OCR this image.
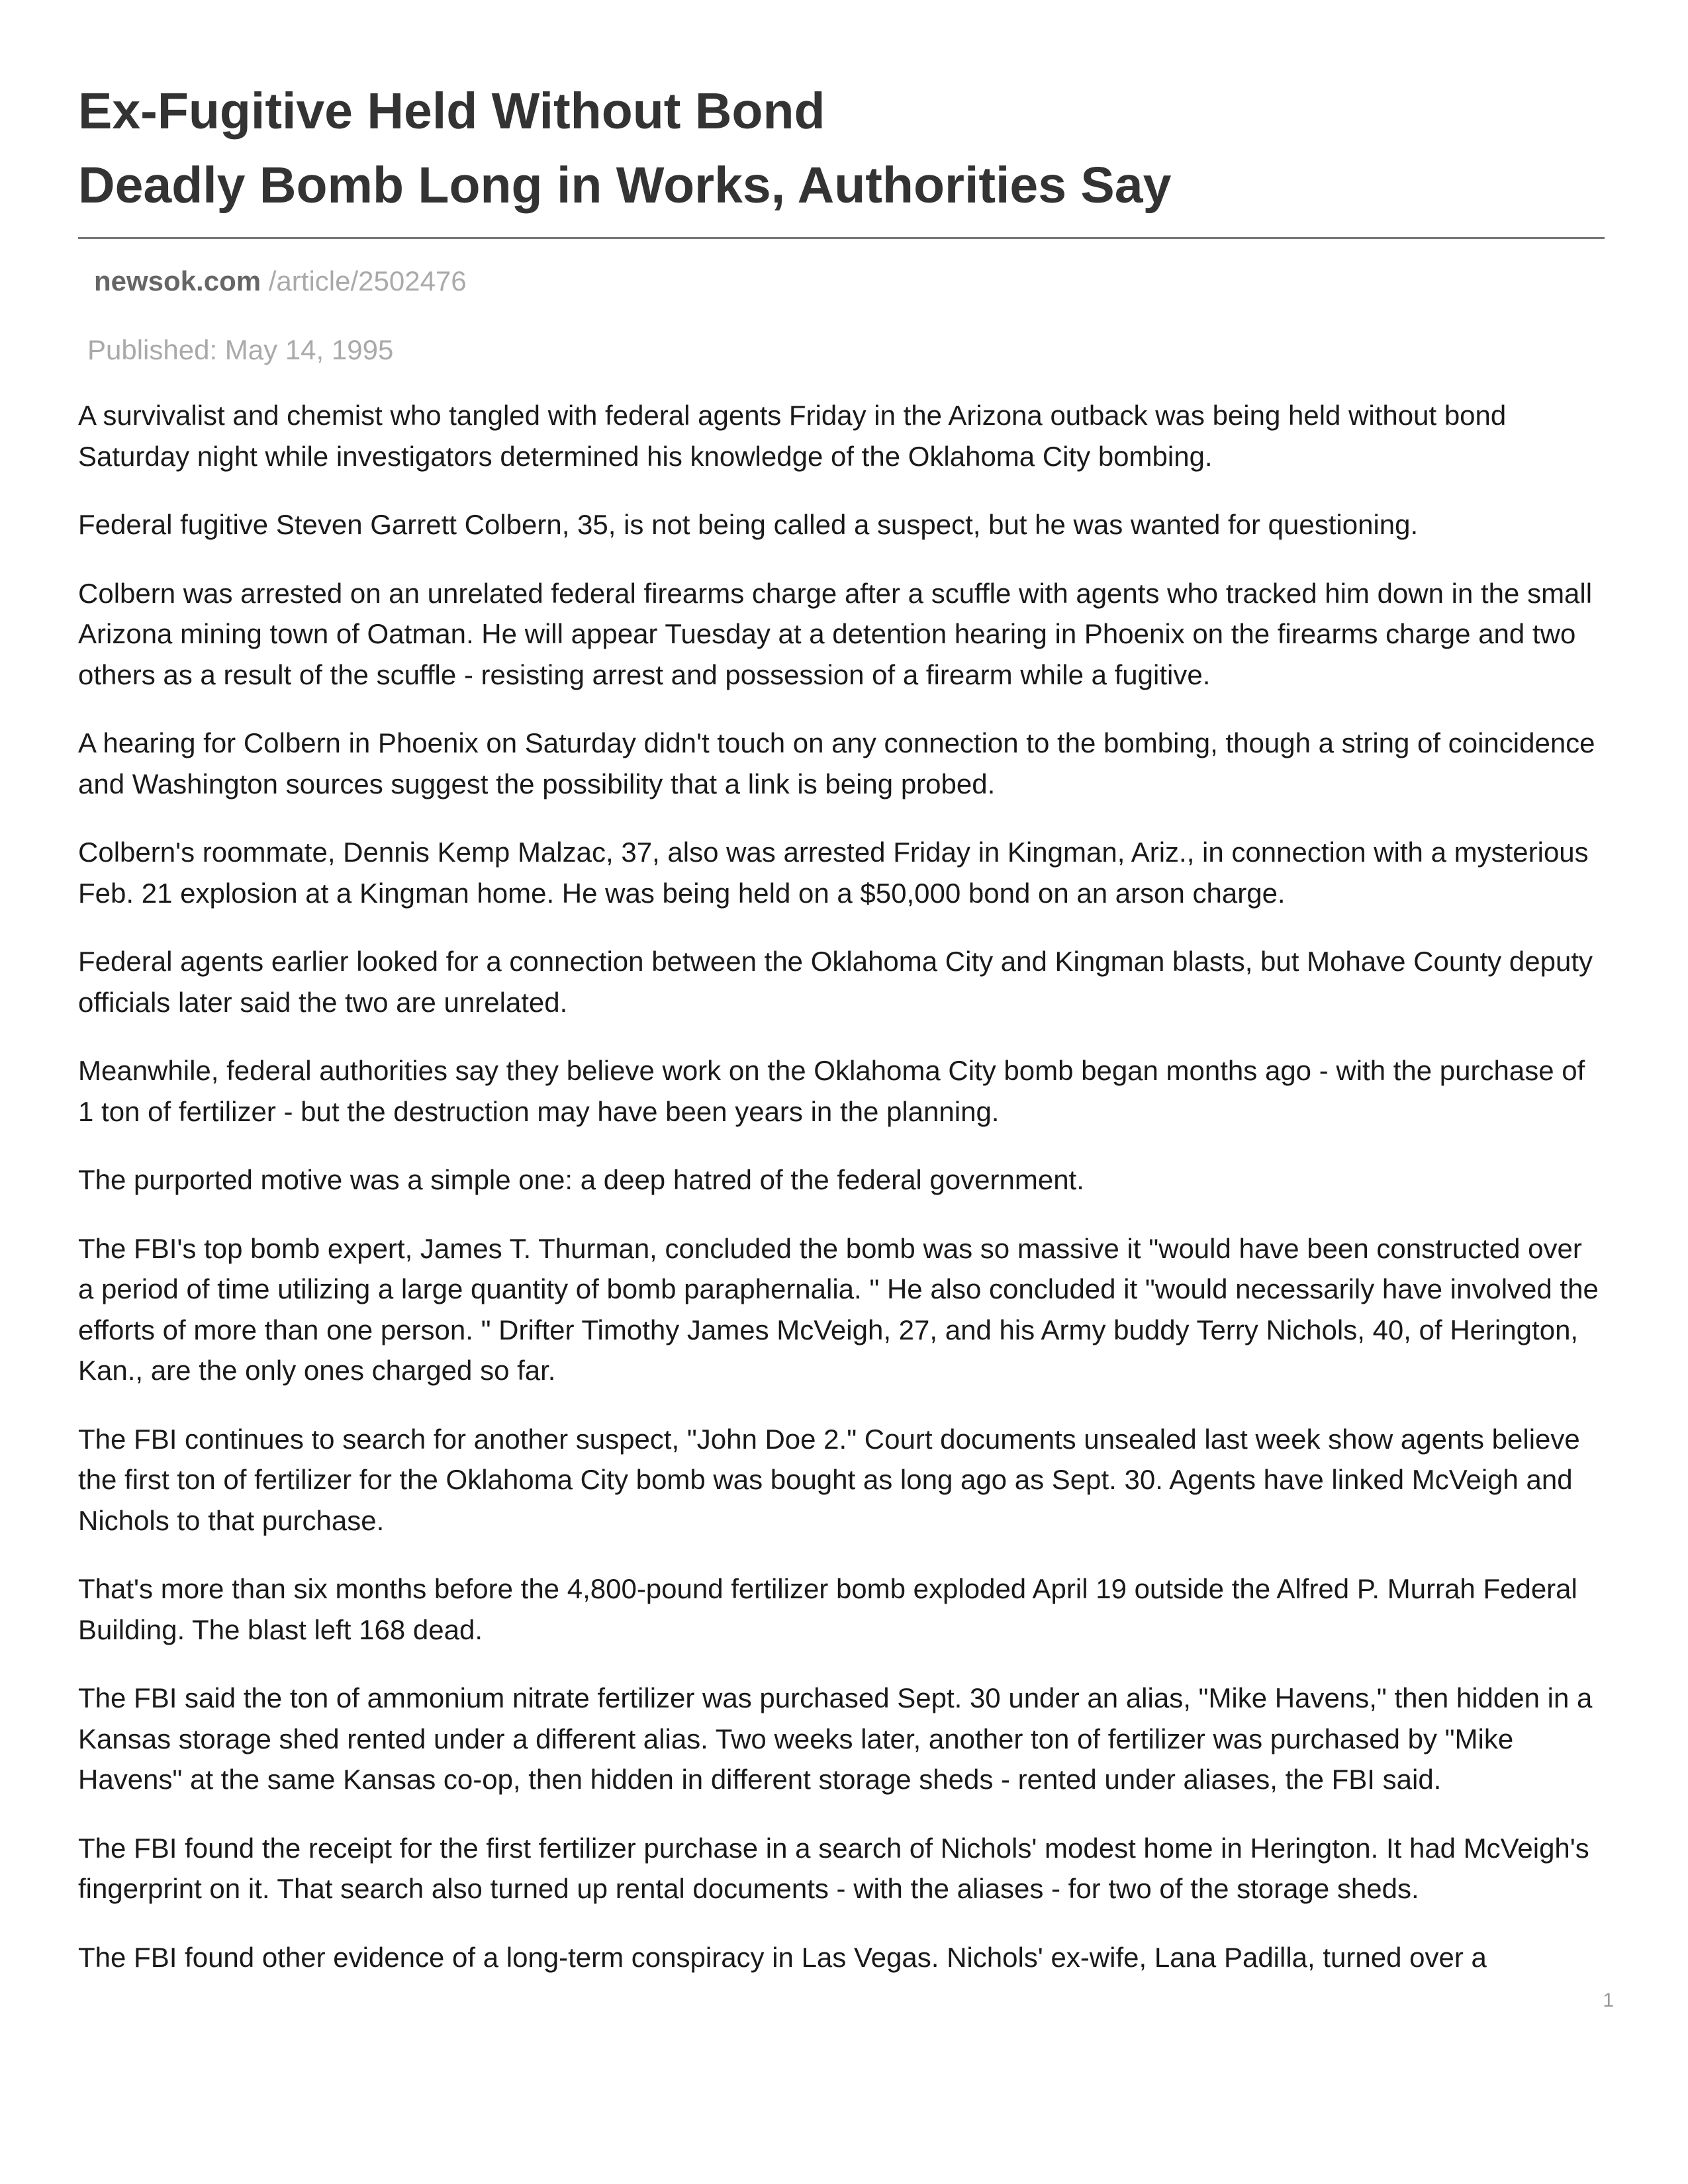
Ex-Fugitive Held Without Bond
Deadly Bomb Long in Works, Authorities Say
newsok.com /article/2502476
Published: May 14, 1995

A survivalist and chemist who tangled with federal agents Friday in the Arizona outback was being held without bond Saturday night while investigators determined his knowledge of the Oklahoma City bombing.

Federal fugitive Steven Garrett Colbern, 35, is not being called a suspect, but he was wanted for questioning.

Colbern was arrested on an unrelated federal firearms charge after a scuffle with agents who tracked him down in the small Arizona mining town of Oatman. He will appear Tuesday at a detention hearing in Phoenix on the firearms charge and two others as a result of the scuffle - resisting arrest and possession of a firearm while a fugitive.

A hearing for Colbern in Phoenix on Saturday didn't touch on any connection to the bombing, though a string of coincidence and Washington sources suggest the possibility that a link is being probed.

Colbern's roommate, Dennis Kemp Malzac, 37, also was arrested Friday in Kingman, Ariz., in connection with a mysterious Feb. 21 explosion at a Kingman home. He was being held on a $50,000 bond on an arson charge.

Federal agents earlier looked for a connection between the Oklahoma City and Kingman blasts, but Mohave County deputy officials later said the two are unrelated.

Meanwhile, federal authorities say they believe work on the Oklahoma City bomb began months ago - with the purchase of 1 ton of fertilizer - but the destruction may have been years in the planning.

The purported motive was a simple one: a deep hatred of the federal government.

The FBI's top bomb expert, James T. Thurman, concluded the bomb was so massive it "would have been constructed over a period of time utilizing a large quantity of bomb paraphernalia. " He also concluded it "would necessarily have involved the efforts of more than one person. " Drifter Timothy James McVeigh, 27, and his Army buddy Terry Nichols, 40, of Herington, Kan., are the only ones charged so far.

The FBI continues to search for another suspect, "John Doe 2." Court documents unsealed last week show agents believe the first ton of fertilizer for the Oklahoma City bomb was bought as long ago as Sept. 30. Agents have linked McVeigh and Nichols to that purchase.

That's more than six months before the 4,800-pound fertilizer bomb exploded April 19 outside the Alfred P. Murrah Federal Building. The blast left 168 dead.

The FBI said the ton of ammonium nitrate fertilizer was purchased Sept. 30 under an alias, "Mike Havens," then hidden in a Kansas storage shed rented under a different alias. Two weeks later, another ton of fertilizer was purchased by "Mike Havens" at the same Kansas co-op, then hidden in different storage sheds - rented under aliases, the FBI said.

The FBI found the receipt for the first fertilizer purchase in a search of Nichols' modest home in Herington. It had McVeigh's fingerprint on it. That search also turned up rental documents - with the aliases - for two of the storage sheds.

The FBI found other evidence of a long-term conspiracy in Las Vegas. Nichols' ex-wife, Lana Padilla, turned over a

1
